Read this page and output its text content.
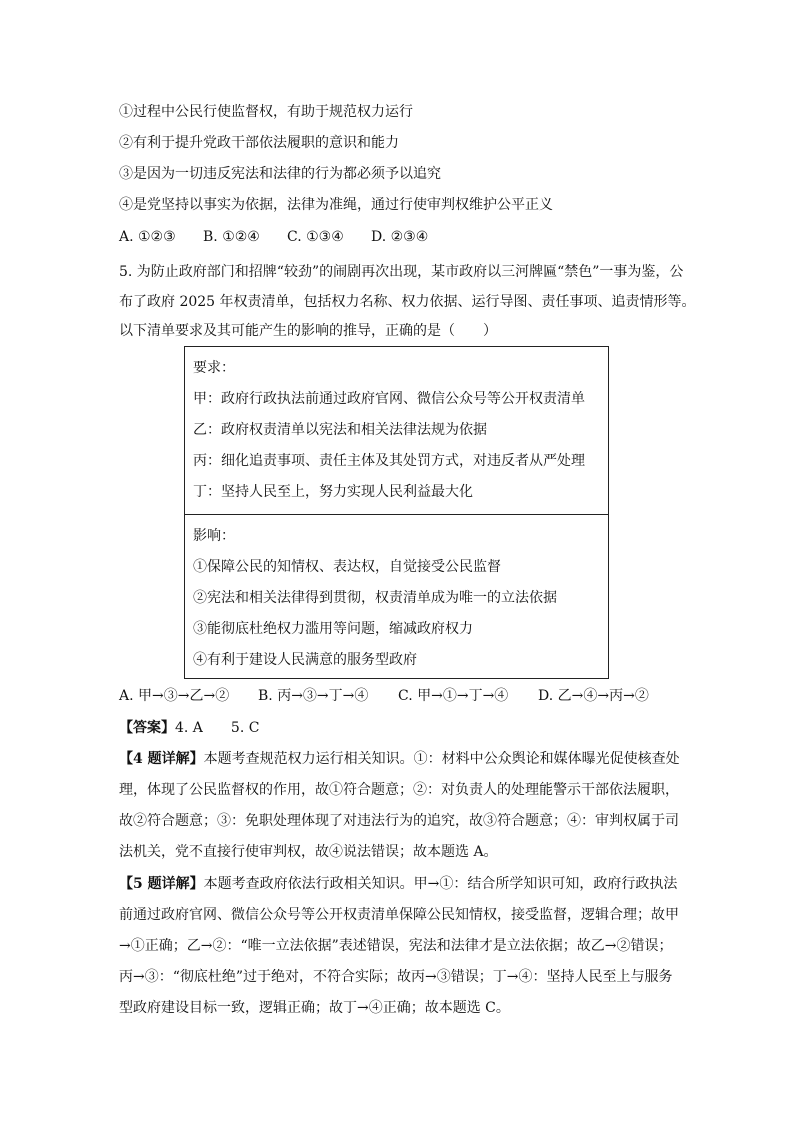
①过程中公民行使监督权，有助于规范权力运行
②有利于提升党政干部依法履职的意识和能力
③是因为一切违反宪法和法律的行为都必须予以追究
④是党坚持以事实为依据，法律为准绳，通过行使审判权维护公平正义
A. ①②③ B. ①②④ C. ①③④ D. ②③④
5. 为防止政府部门和招牌“较劲”的闹剧再次出现，某市政府以三河牌匾“禁色”一事为鉴，公
布了政府 2025 年权责清单，包括权力名称、权力依据、运行导图、责任事项、追责情形等。
以下清单要求及其可能产生的影响的推导，正确的是（　　）
要求：
甲：政府行政执法前通过政府官网、微信公众号等公开权责清单
乙：政府权责清单以宪法和相关法律法规为依据
丙：细化追责事项、责任主体及其处罚方式，对违反者从严处理
丁：坚持人民至上，努力实现人民利益最大化
影响：
①保障公民的知情权、表达权，自觉接受公民监督
②宪法和相关法律得到贯彻，权责清单成为唯一的立法依据
③能彻底杜绝权力滥用等问题，缩减政府权力
④有利于建设人民满意的服务型政府
A. 甲→③→乙→② B. 丙→③→丁→④ C. 甲→①→丁→④ D. 乙→④→丙→②
【答案】4. A　　5. C
【4 题详解】本题考查规范权力运行相关知识。①：材料中公众舆论和媒体曝光促使核查处
理，体现了公民监督权的作用，故①符合题意；②：对负责人的处理能警示干部依法履职，
故②符合题意；③：免职处理体现了对违法行为的追究，故③符合题意；④：审判权属于司
法机关，党不直接行使审判权，故④说法错误；故本题选 A。
【5 题详解】本题考查政府依法行政相关知识。甲→①：结合所学知识可知，政府行政执法
前通过政府官网、微信公众号等公开权责清单保障公民知情权，接受监督，逻辑合理；故甲
→①正确；乙→②：“唯一立法依据”表述错误，宪法和法律才是立法依据；故乙→②错误；
丙→③：“彻底杜绝”过于绝对，不符合实际；故丙→③错误；丁→④：坚持人民至上与服务
型政府建设目标一致，逻辑正确；故丁→④正确；故本题选 C。
